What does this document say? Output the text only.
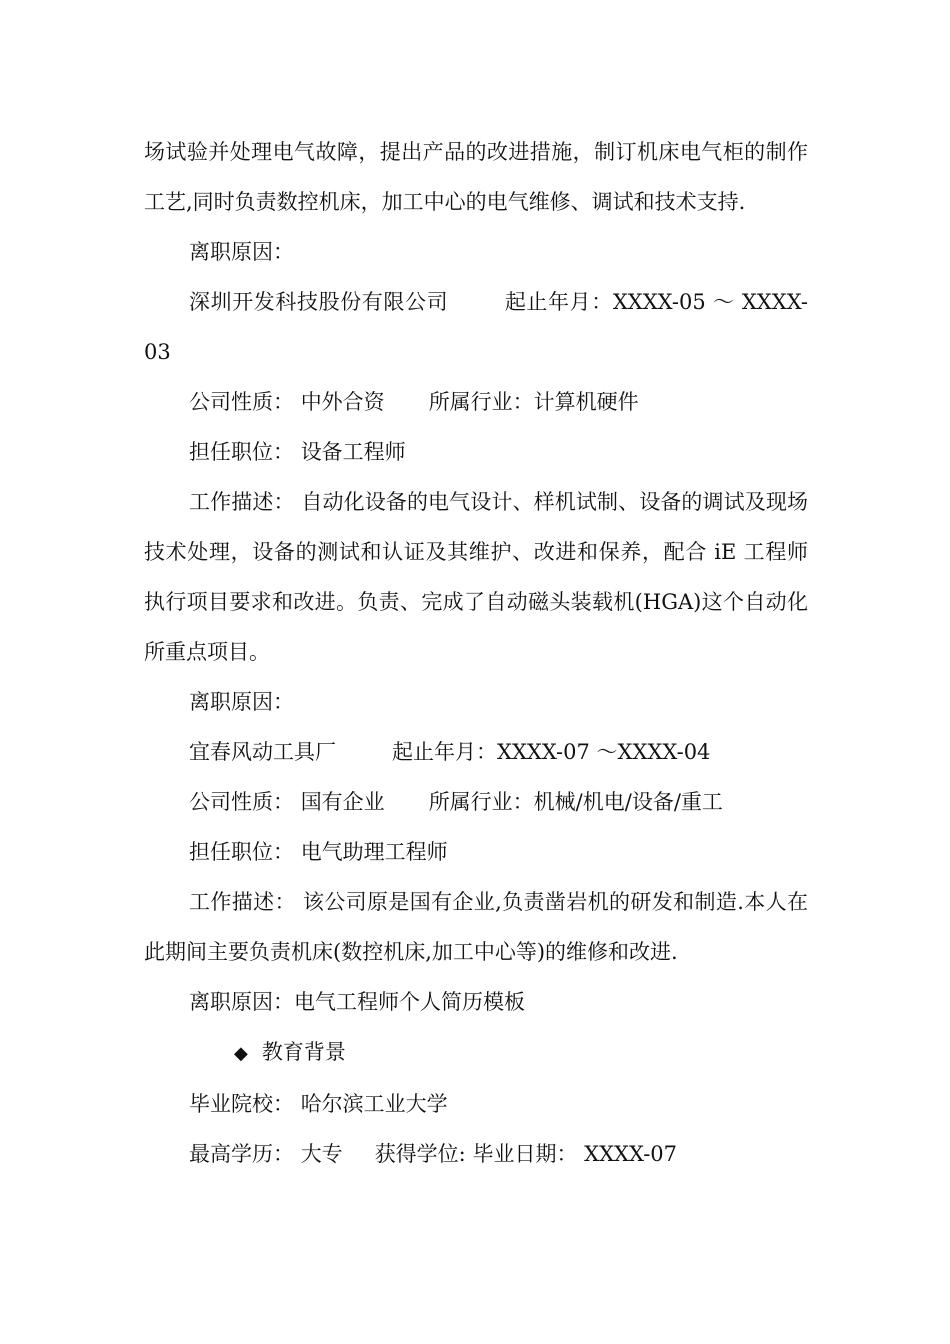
场试验并处理电气故障，提出产品的改进措施，制订机床电气柜的制作工艺,同时负责数控机床，加工中心的电气维修、调试和技术支持.

离职原因：

深圳开发科技股份有限公司	起止年月：XXXX-05 ～ XXXX-03

公司性质： 中外合资 所属行业：计算机硬件

担任职位： 设备工程师

工作描述： 自动化设备的电气设计、样机试制、设备的调试及现场技术处理，设备的测试和认证及其维护、改进和保养，配合 iE 工程师执行项目要求和改进。负责、完成了自动磁头装载机(HGA)这个自动化所重点项目。

离职原因：

宜春风动工具厂	起止年月：XXXX-07 ～XXXX-04

公司性质： 国有企业 所属行业：机械/机电/设备/重工

担任职位： 电气助理工程师

工作描述： 该公司原是国有企业,负责凿岩机的研发和制造.本人在此期间主要负责机床(数控机床,加工中心等)的维修和改进.

离职原因：电气工程师个人简历模板

◆ 教育背景

毕业院校： 哈尔滨工业大学

最高学历： 大专 获得学位: 毕业日期： XXXX-07
